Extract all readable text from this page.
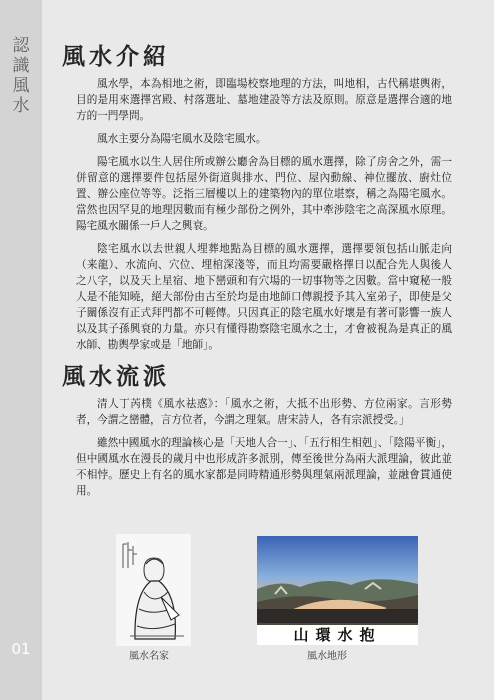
認識風水
01
風水介紹

風水學，本為相地之術，即臨場校察地理的方法，叫地相，古代稱堪輿術，目的是用來選擇宮殿、村落選址、墓地建設等方法及原則。原意是選擇合適的地方的一門學問。

風水主要分為陽宅風水及陰宅風水。

陽宅風水以生人居住所或辦公廳舍為目標的風水選擇，除了房舍之外，需一併留意的選擇要件包括屋外街道與排水、門位、屋內動線、神位擺放、廚灶位置、辦公座位等等。泛指三層樓以上的建築物內的單位堪察，稱之為陽宅風水。當然也因罕見的地理因數而有極少部份之例外，其中牽涉陰宅之高深風水原理。陽宅風水關係一戶人之興衰。

陰宅風水以去世親人埋葬地點為目標的風水選擇，選擇要領包括山脈走向（来龍）、水流向、穴位、埋棺深淺等，而且均需要嚴格擇日以配合先人與後人之八字，以及天上星宿、地下巒頭和有穴場的一切事物等之因數。當中窺秘一般人是不能知曉，絕大部份由古至於均是由地師口傳親授予其入室弟子，即使是父子關係沒有正式拜門都不可輕傳。只因真正的陰宅風水好壞是有著可影響一族人以及其子孫興衰的力量。亦只有懂得勘察陰宅風水之士，才會被視為是真正的風水師、勘輿學家或是「地師」。

風水流派

清人丁芮樸《風水祛惑》：「風水之術，大抵不出形勢、方位兩家。言形勢者，今謂之巒體，言方位者，今謂之理氣。唐宋詩人，各有宗派授受。」

雖然中國風水的理論核心是「天地人合一」、「五行相生相剋」、「陰陽平衡」，但中國風水在漫長的歲月中也形成許多派別，傳至後世分為兩大派理論，彼此並不相悖。歷史上有名的風水家都是同時精通形勢與理氣兩派理論，並融會貫通使用。

山環水抱
風水名家	風水地形
